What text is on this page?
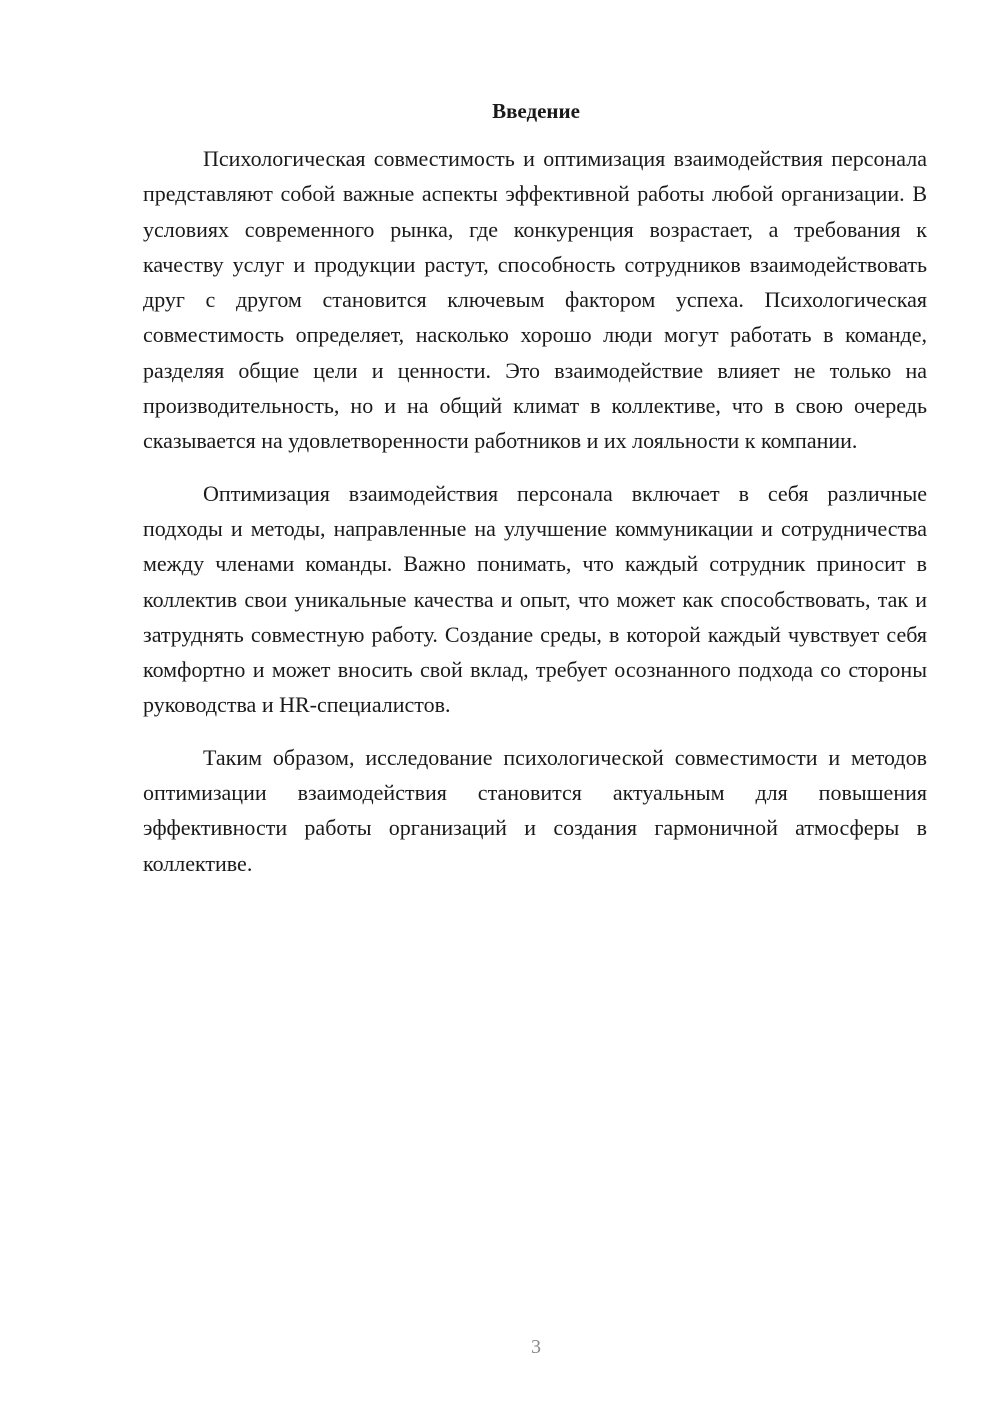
Введение

Психологическая совместимость и оптимизация взаимодействия персонала представляют собой важные аспекты эффективной работы любой организации. В условиях современного рынка, где конкуренция возрастает, а требования к качеству услуг и продукции растут, способность сотрудников взаимодействовать друг с другом становится ключевым фактором успеха. Психологическая совместимость определяет, насколько хорошо люди могут работать в команде, разделяя общие цели и ценности. Это взаимодействие влияет не только на производительность, но и на общий климат в коллективе, что в свою очередь сказывается на удовлетворенности работников и их лояльности к компании.

Оптимизация взаимодействия персонала включает в себя различные подходы и методы, направленные на улучшение коммуникации и сотрудничества между членами команды. Важно понимать, что каждый сотрудник приносит в коллектив свои уникальные качества и опыт, что может как способствовать, так и затруднять совместную работу. Создание среды, в которой каждый чувствует себя комфортно и может вносить свой вклад, требует осознанного подхода со стороны руководства и HR-специалистов.

Таким образом, исследование психологической совместимости и методов оптимизации взаимодействия становится актуальным для повышения эффективности работы организаций и создания гармоничной атмосферы в коллективе.

3
